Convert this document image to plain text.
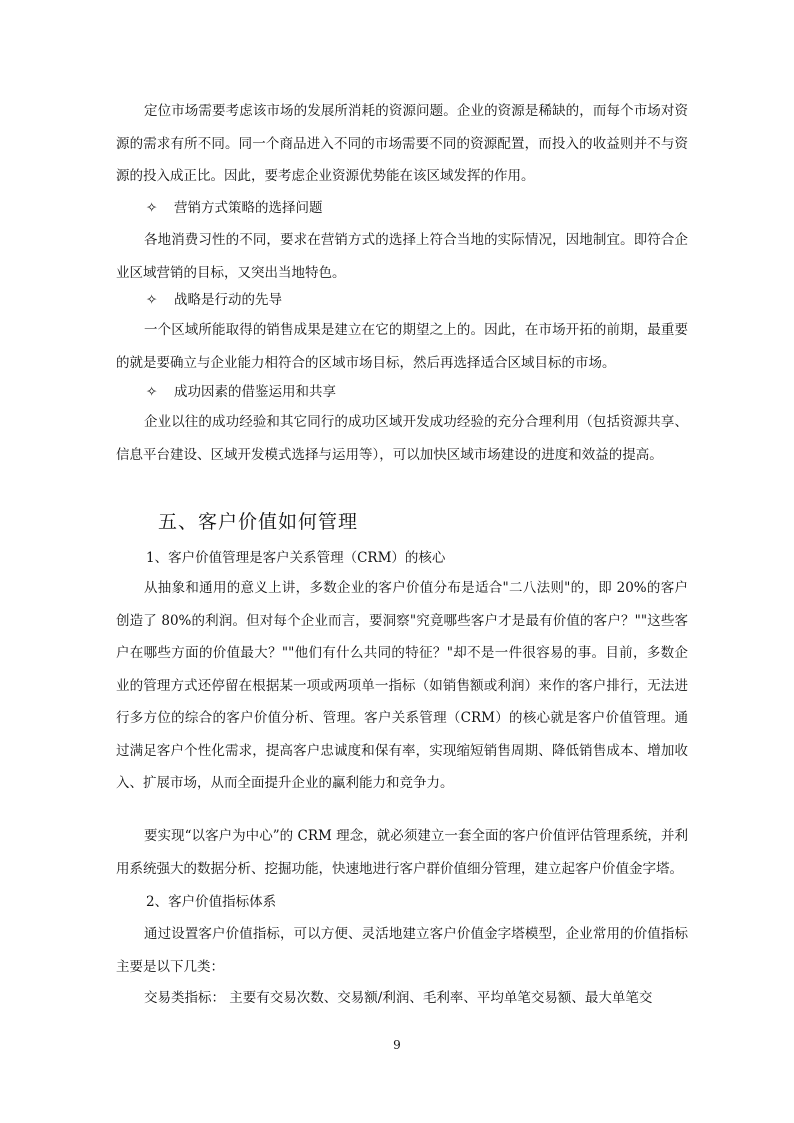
定位市场需要考虑该市场的发展所消耗的资源问题。企业的资源是稀缺的，而每个市场对资源的需求有所不同。同一个商品进入不同的市场需要不同的资源配置，而投入的收益则并不与资源的投入成正比。因此，要考虑企业资源优势能在该区域发挥的作用。

✧ 营销方式策略的选择问题

各地消费习性的不同，要求在营销方式的选择上符合当地的实际情况，因地制宜。即符合企业区域营销的目标，又突出当地特色。

✧ 战略是行动的先导

一个区域所能取得的销售成果是建立在它的期望之上的。因此，在市场开拓的前期，最重要的就是要确立与企业能力相符合的区域市场目标，然后再选择适合区域目标的市场。

✧ 成功因素的借鉴运用和共享

企业以往的成功经验和其它同行的成功区域开发成功经验的充分合理利用（包括资源共享、信息平台建设、区域开发模式选择与运用等），可以加快区域市场建设的进度和效益的提高。

五、客户价值如何管理

1、客户价值管理是客户关系管理（CRM）的核心

从抽象和通用的意义上讲，多数企业的客户价值分布是适合"二八法则"的，即 20%的客户创造了 80%的利润。但对每个企业而言，要洞察"究竟哪些客户才是最有价值的客户？""这些客户在哪些方面的价值最大？""他们有什么共同的特征？"却不是一件很容易的事。目前，多数企业的管理方式还停留在根据某一项或两项单一指标（如销售额或利润）来作的客户排行，无法进行多方位的综合的客户价值分析、管理。客户关系管理（CRM）的核心就是客户价值管理。通过满足客户个性化需求，提高客户忠诚度和保有率，实现缩短销售周期、降低销售成本、增加收入、扩展市场，从而全面提升企业的赢利能力和竞争力。

要实现“以客户为中心”的 CRM 理念，就必须建立一套全面的客户价值评估管理系统，并利用系统强大的数据分析、挖掘功能，快速地进行客户群价值细分管理，建立起客户价值金字塔。

2、客户价值指标体系

通过设置客户价值指标，可以方便、灵活地建立客户价值金字塔模型，企业常用的价值指标主要是以下几类：

交易类指标： 主要有交易次数、交易额/利润、毛利率、平均单笔交易额、最大单笔交

9
